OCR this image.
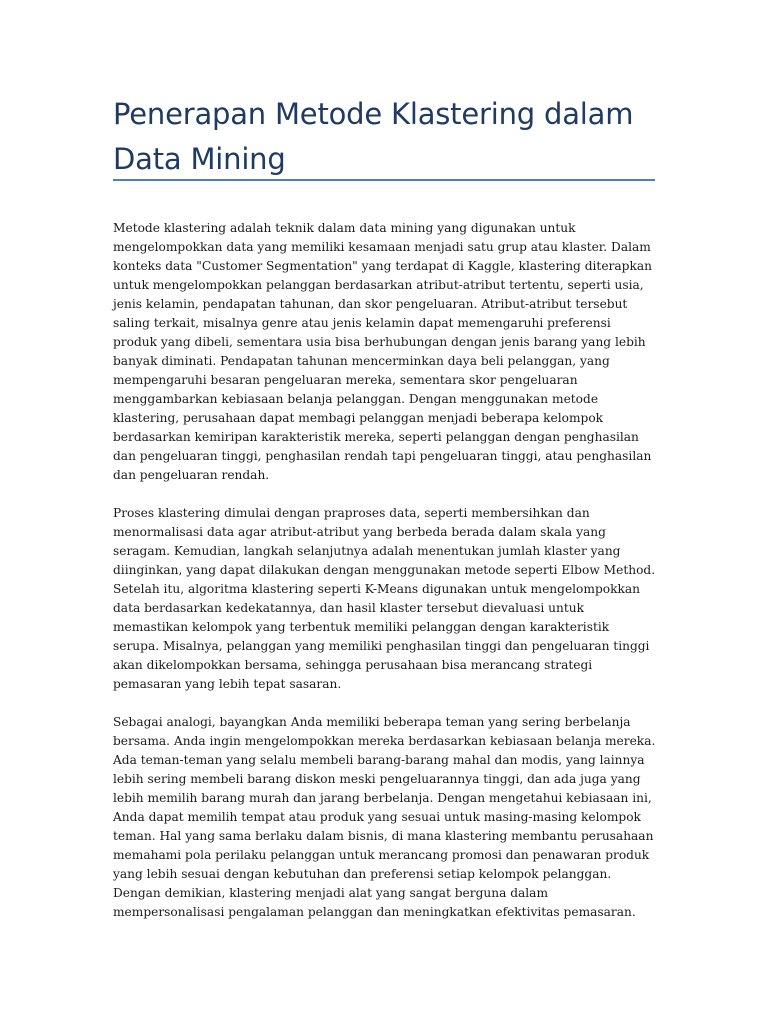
Penerapan Metode Klastering dalam Data Mining

Metode klastering adalah teknik dalam data mining yang digunakan untuk mengelompokkan data yang memiliki kesamaan menjadi satu grup atau klaster. Dalam konteks data "Customer Segmentation" yang terdapat di Kaggle, klastering diterapkan untuk mengelompokkan pelanggan berdasarkan atribut-atribut tertentu, seperti usia, jenis kelamin, pendapatan tahunan, dan skor pengeluaran. Atribut-atribut tersebut saling terkait, misalnya genre atau jenis kelamin dapat memengaruhi preferensi produk yang dibeli, sementara usia bisa berhubungan dengan jenis barang yang lebih banyak diminati. Pendapatan tahunan mencerminkan daya beli pelanggan, yang mempengaruhi besaran pengeluaran mereka, sementara skor pengeluaran menggambarkan kebiasaan belanja pelanggan. Dengan menggunakan metode klastering, perusahaan dapat membagi pelanggan menjadi beberapa kelompok berdasarkan kemiripan karakteristik mereka, seperti pelanggan dengan penghasilan dan pengeluaran tinggi, penghasilan rendah tapi pengeluaran tinggi, atau penghasilan dan pengeluaran rendah.

Proses klastering dimulai dengan praproses data, seperti membersihkan dan menormalisasi data agar atribut-atribut yang berbeda berada dalam skala yang seragam. Kemudian, langkah selanjutnya adalah menentukan jumlah klaster yang diinginkan, yang dapat dilakukan dengan menggunakan metode seperti Elbow Method. Setelah itu, algoritma klastering seperti K-Means digunakan untuk mengelompokkan data berdasarkan kedekatannya, dan hasil klaster tersebut dievaluasi untuk memastikan kelompok yang terbentuk memiliki pelanggan dengan karakteristik serupa. Misalnya, pelanggan yang memiliki penghasilan tinggi dan pengeluaran tinggi akan dikelompokkan bersama, sehingga perusahaan bisa merancang strategi pemasaran yang lebih tepat sasaran.

Sebagai analogi, bayangkan Anda memiliki beberapa teman yang sering berbelanja bersama. Anda ingin mengelompokkan mereka berdasarkan kebiasaan belanja mereka. Ada teman-teman yang selalu membeli barang-barang mahal dan modis, yang lainnya lebih sering membeli barang diskon meski pengeluarannya tinggi, dan ada juga yang lebih memilih barang murah dan jarang berbelanja. Dengan mengetahui kebiasaan ini, Anda dapat memilih tempat atau produk yang sesuai untuk masing-masing kelompok teman. Hal yang sama berlaku dalam bisnis, di mana klastering membantu perusahaan memahami pola perilaku pelanggan untuk merancang promosi dan penawaran produk yang lebih sesuai dengan kebutuhan dan preferensi setiap kelompok pelanggan. Dengan demikian, klastering menjadi alat yang sangat berguna dalam mempersonalisasi pengalaman pelanggan dan meningkatkan efektivitas pemasaran.
